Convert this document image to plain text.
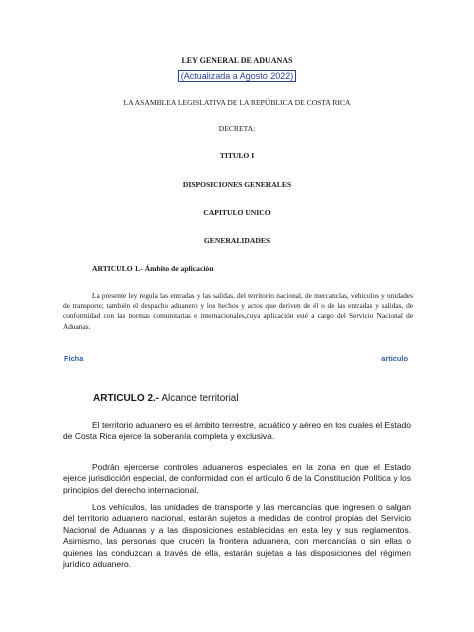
LEY GENERAL DE ADUANAS
(Actualizada a Agosto 2022)
LA ASAMBLEA LEGISLATIVA DE LA REPÚBLICA DE COSTA RICA
DECRETA:
TITULO I
DISPOSICIONES GENERALES
CAPITULO UNICO
GENERALIDADES
ARTICULO 1.- Ámbito de aplicación
La presente ley regula las entradas y las salidas, del territorio nacional, de mercancías, vehículos y unidades de transporte; también el despacho aduanero y los hechos y actos que deriven de él o de las entradas y salidas, de conformidad con las normas comunitarias e internacionales,cuya aplicación esté a cargo del Servicio Nacional de Aduanas.
Ficha	articulo
ARTICULO 2.- Alcance territorial

El territorio aduanero es el ámbito terrestre, acuático y aéreo en los cuales el Estado de Costa Rica ejerce la soberanía completa y exclusiva.

Podrán ejercerse controles aduaneros especiales en la zona en que el Estado ejerce jurisdicción especial, de conformidad con el artículo 6 de la Constitución Política y los principios del derecho internacional.

Los vehículos, las unidades de transporte y las mercancías que ingresen o salgan del territorio aduanero nacional, estarán sujetos a medidas de control propias del Servicio Nacional de Aduanas y a las disposiciones establecidas en esta ley y sus reglamentos. Asimismo, las personas que crucen la frontera aduanera, con mercancías o sin ellas o quienes las conduzcan a través de ella, estarán sujetas a las disposiciones del régimen jurídico aduanero.
